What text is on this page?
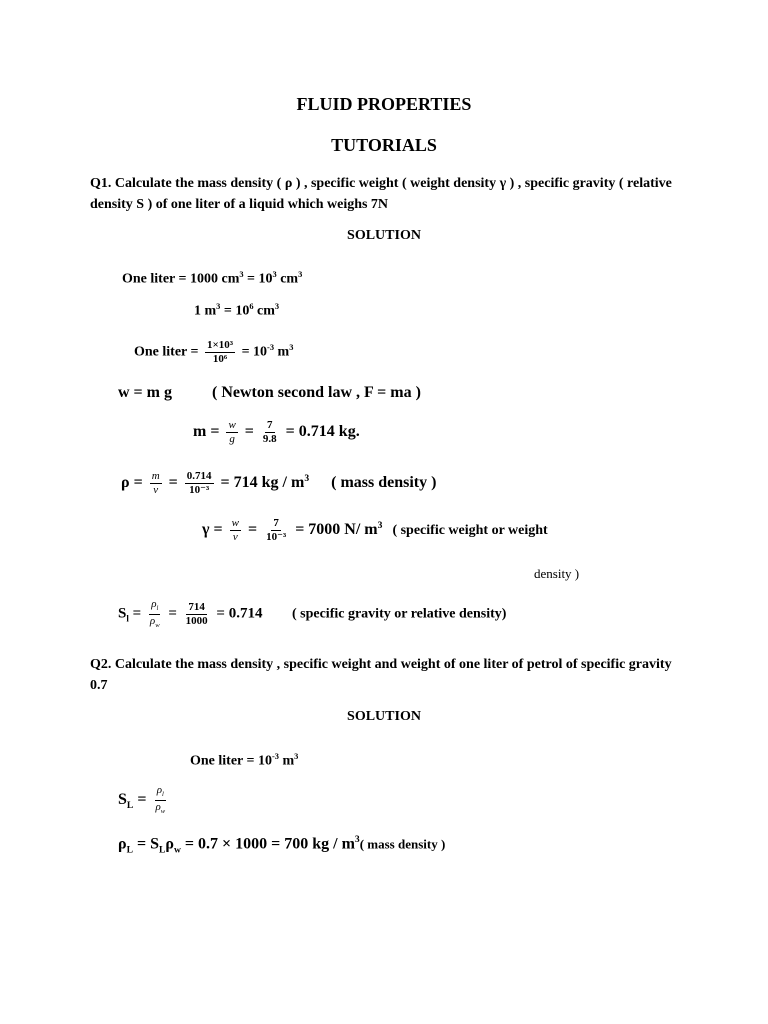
FLUID PROPERTIES
TUTORIALS
Q1. Calculate the mass density ( ρ ) , specific weight ( weight density γ ) , specific gravity ( relative density S ) of one liter of a liquid which weighs 7N
SOLUTION
One liter = 1000 $cm^3 = 10^3$ $cm^3$
1 $m^3 = 10^6$ $cm^3$
One liter = $\frac{\text{1×10³}}{\text{10⁶}} = 10^{-3}$ $m^3$
w = m g	( Newton second law , F = ma )
$m = \frac{w}{g} = \frac{7}{9.8} = 0.714$ kg.
$\rho = \frac{m}{v} = \frac{0.714}{\text{10⁻³}} = 714$ kg / $m^3$ ( mass density )
$\gamma = \frac{w}{v} = \frac{7}{\text{10⁻³}} = 7000$ N/ $m^3$ ( specific weight or weight
density )
$S_l = \frac{\rho_l}{\rho_w} = \frac{714}{1000} = 0.714$ ( specific gravity or relative density)
Q2. Calculate the mass density , specific weight and weight of one liter of petrol of specific gravity 0.7
SOLUTION
One liter = $10^{-3}$ $m^3$
$S_L = \frac{\rho_l}{\rho_w}$
$\rho_L = S_L\rho_w = 0.7 \times 1000 = 700$ kg / $m^3$( mass density )
